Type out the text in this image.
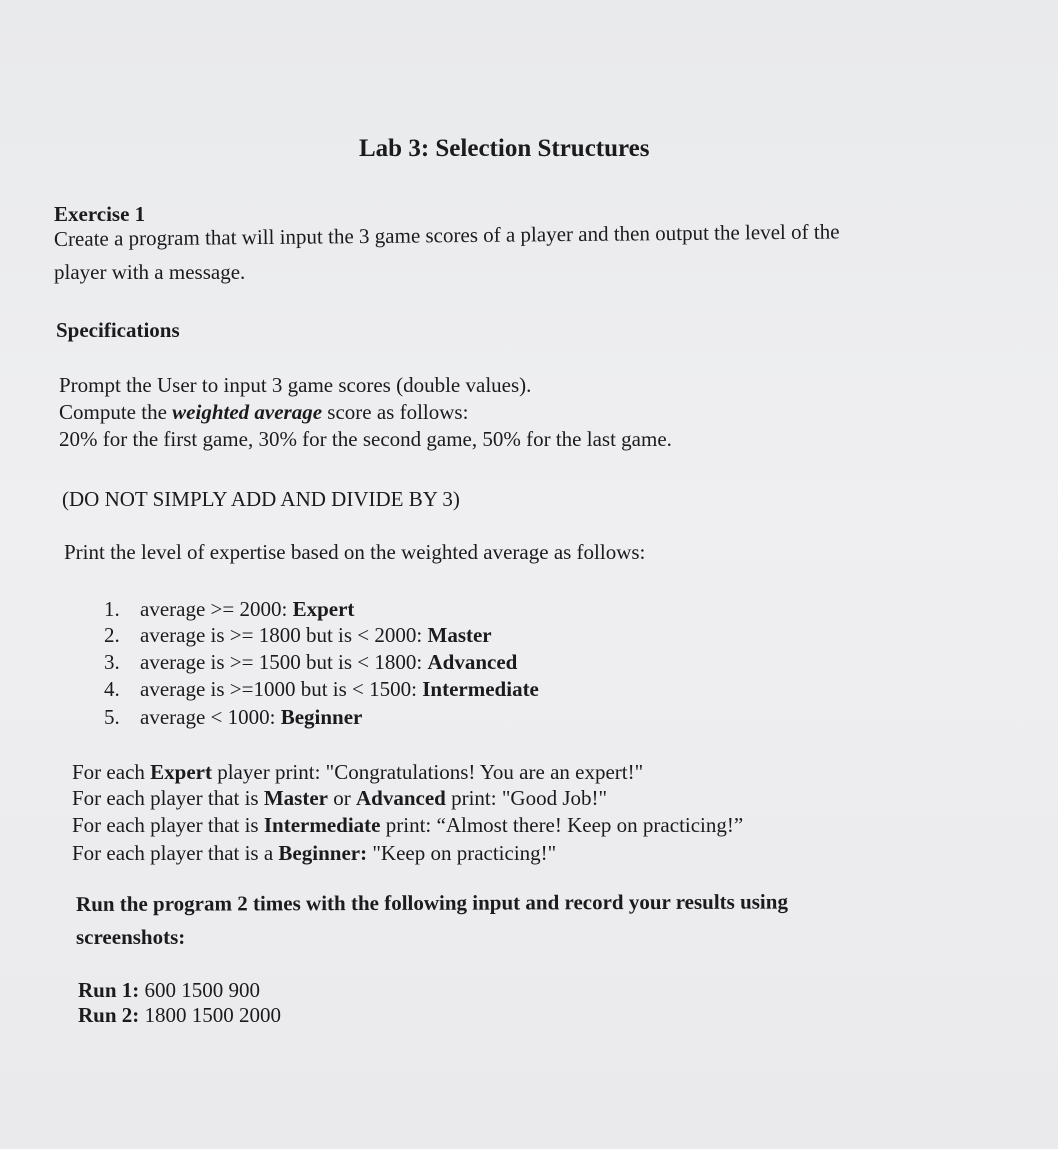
Lab 3: Selection Structures
Exercise 1
Create a program that will input the 3 game scores of a player and then output the level of the
player with a message.
Specifications
Prompt the User to input 3 game scores (double values).
Compute the weighted average score as follows:
20% for the first game, 30% for the second game, 50% for the last game.
(DO NOT SIMPLY ADD AND DIVIDE BY 3)
Print the level of expertise based on the weighted average as follows:
1. average >= 2000: Expert
2. average is >= 1800 but is < 2000: Master
3. average is >= 1500 but is < 1800: Advanced
4. average is >=1000 but is < 1500: Intermediate
5. average < 1000: Beginner
For each Expert player print: "Congratulations! You are an expert!"
For each player that is Master or Advanced print: "Good Job!"
For each player that is Intermediate print: “Almost there! Keep on practicing!”
For each player that is a Beginner: "Keep on practicing!"
Run the program 2 times with the following input and record your results using
screenshots:
Run 1: 600 1500 900
Run 2: 1800 1500 2000
